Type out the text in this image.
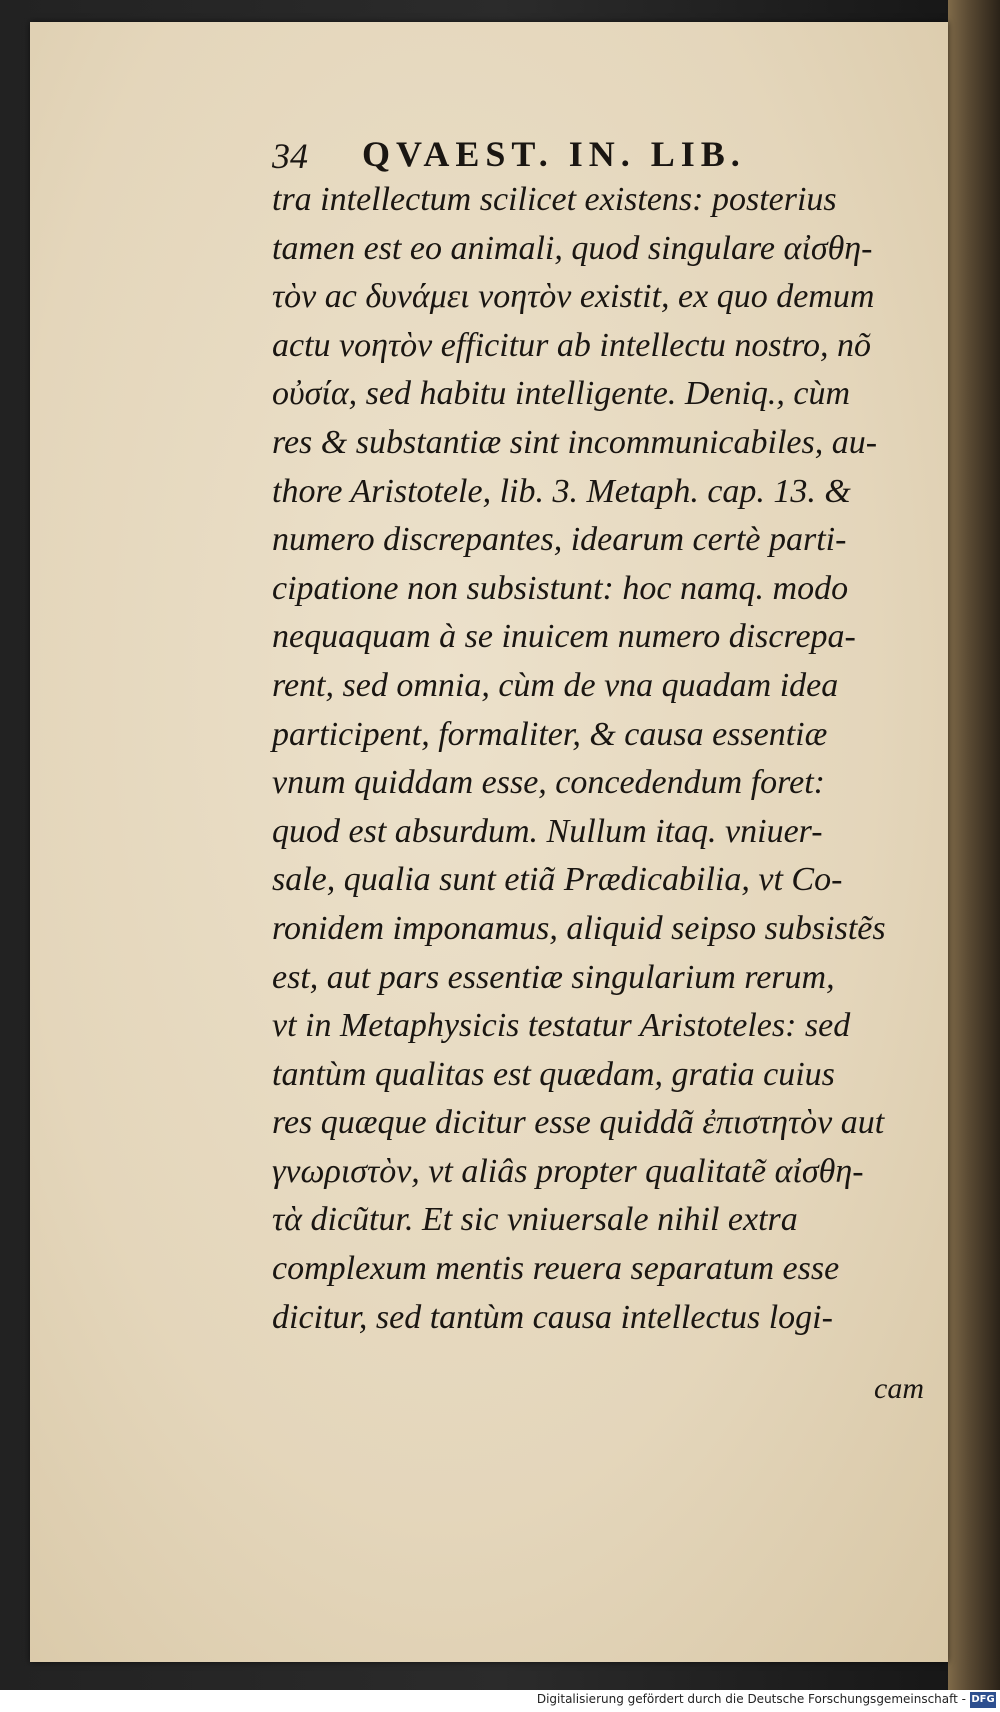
34 QVAEST. IN. LIB.
tra intellectum scilicet existens: posterius
tamen est eo animali, quod singulare αἰσθη-
τὸν ac δυνάμει νοητὸν existit, ex quo demum
actu νοητὸν efficitur ab intellectu nostro, nõ
οὐσία, sed habitu intelligente. Deniq., cùm
res & substantiæ sint incommunicabiles, au-
thore Aristotele, lib. 3. Metaph. cap. 13. &
numero discrepantes, idearum certè parti-
cipatione non subsistunt: hoc namq. modo
nequaquam à se inuicem numero discrepa-
rent, sed omnia, cùm de vna quadam idea
participent, formaliter, & causa essentiæ
vnum quiddam esse, concedendum foret:
quod est absurdum. Nullum itaq. vniuer-
sale, qualia sunt etiã Prædicabilia, vt Co-
ronidem imponamus, aliquid seipso subsistẽs
est, aut pars essentiæ singularium rerum,
vt in Metaphysicis testatur Aristoteles: sed
tantùm qualitas est quædam, gratia cuius
res quæque dicitur esse quiddã ἐπιστητὸν aut
γνωριστὸν, vt aliâs propter qualitatẽ αἰσθη-
τὰ dicũtur. Et sic vniuersale nihil extra
complexum mentis reuera separatum esse
dicitur, sed tantùm causa intellectus logi-
cam
Digitalisierung gefördert durch die Deutsche Forschungsgemeinschaft - DFG
